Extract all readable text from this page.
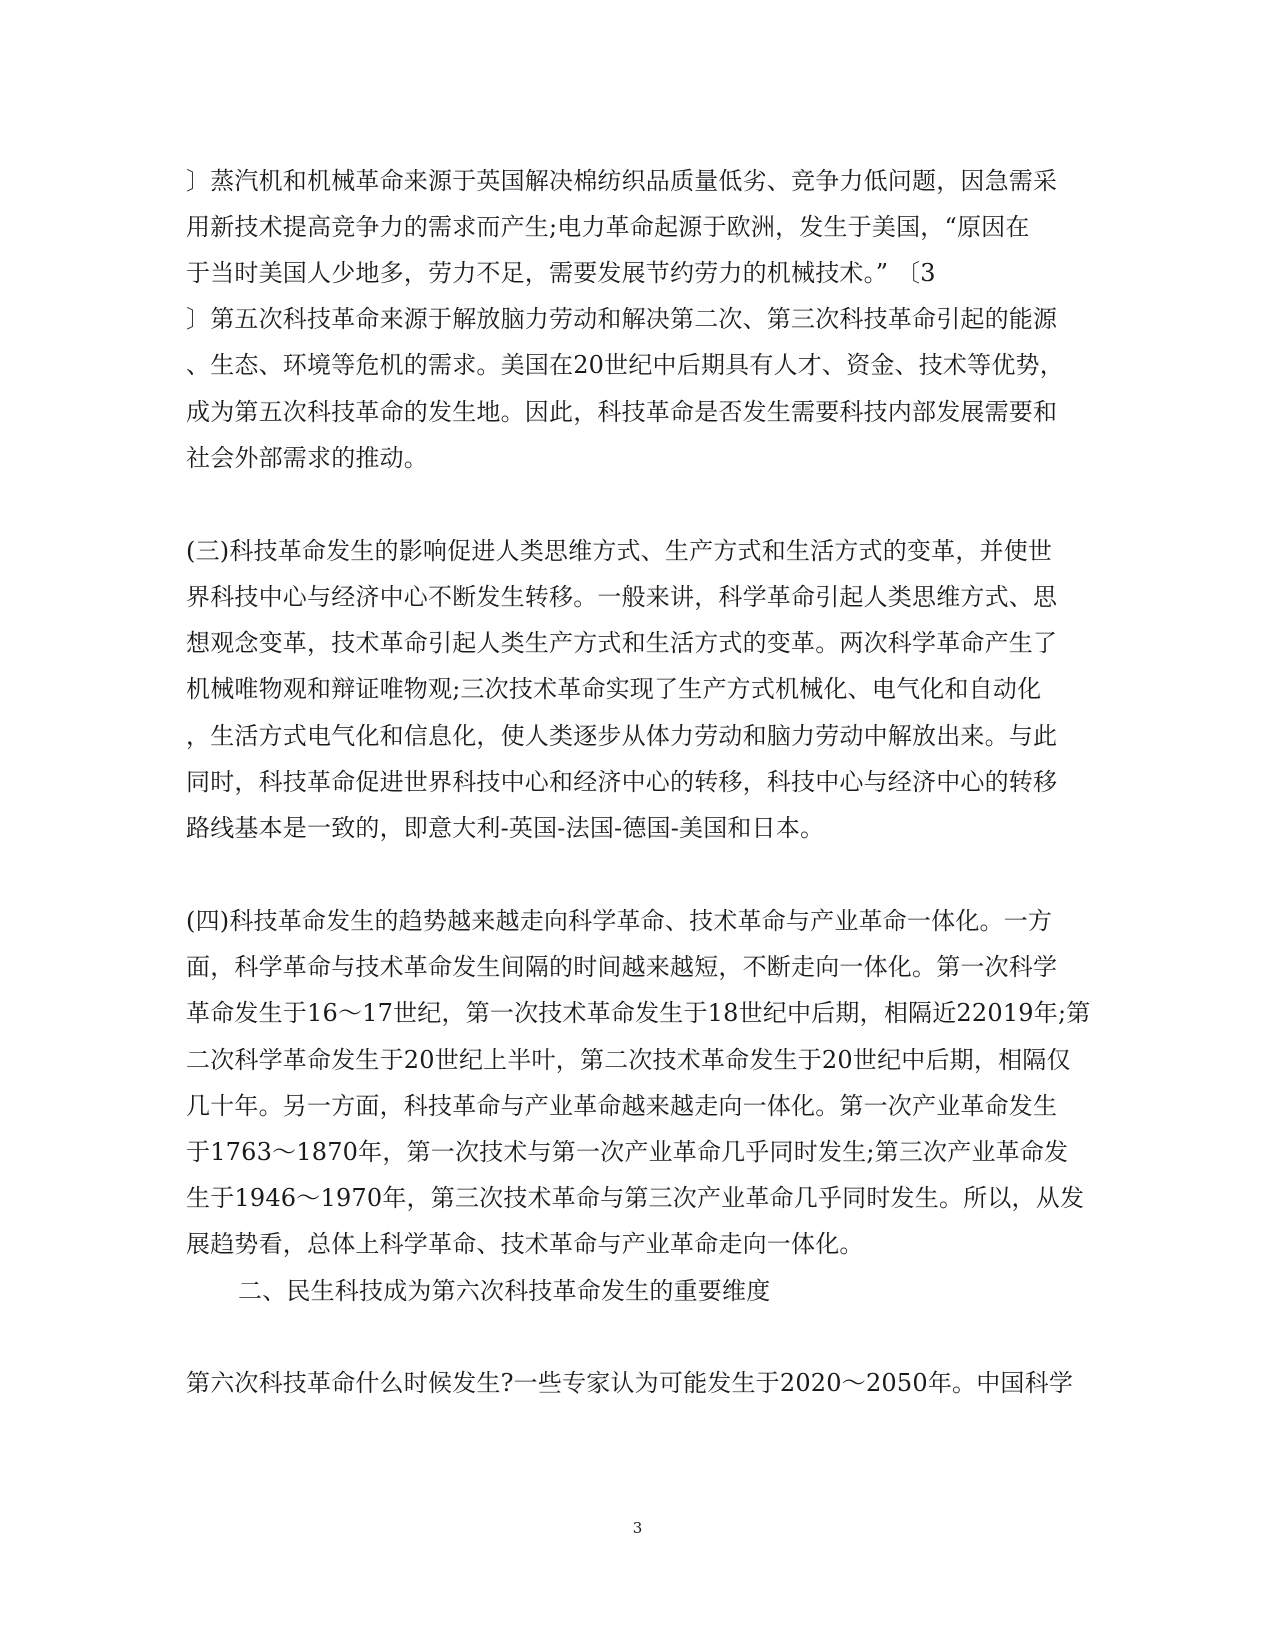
〕蒸汽机和机械革命来源于英国解决棉纺织品质量低劣、竞争力低问题，因急需采
用新技术提高竞争力的需求而产生;电力革命起源于欧洲，发生于美国，“原因在
于当时美国人少地多，劳力不足，需要发展节约劳力的机械技术。” 〔3
〕第五次科技革命来源于解放脑力劳动和解决第二次、第三次科技革命引起的能源
、生态、环境等危机的需求。美国在20世纪中后期具有人才、资金、技术等优势，
成为第五次科技革命的发生地。因此，科技革命是否发生需要科技内部发展需要和
社会外部需求的推动。
(三)科技革命发生的影响促进人类思维方式、生产方式和生活方式的变革，并使世
界科技中心与经济中心不断发生转移。一般来讲，科学革命引起人类思维方式、思
想观念变革，技术革命引起人类生产方式和生活方式的变革。两次科学革命产生了
机械唯物观和辩证唯物观;三次技术革命实现了生产方式机械化、电气化和自动化
，生活方式电气化和信息化，使人类逐步从体力劳动和脑力劳动中解放出来。与此
同时，科技革命促进世界科技中心和经济中心的转移，科技中心与经济中心的转移
路线基本是一致的，即意大利-英国-法国-德国-美国和日本。
(四)科技革命发生的趋势越来越走向科学革命、技术革命与产业革命一体化。一方
面，科学革命与技术革命发生间隔的时间越来越短，不断走向一体化。第一次科学
革命发生于16～17世纪，第一次技术革命发生于18世纪中后期，相隔近22019年;第
二次科学革命发生于20世纪上半叶，第二次技术革命发生于20世纪中后期，相隔仅
几十年。另一方面，科技革命与产业革命越来越走向一体化。第一次产业革命发生
于1763～1870年，第一次技术与第一次产业革命几乎同时发生;第三次产业革命发
生于1946～1970年，第三次技术革命与第三次产业革命几乎同时发生。所以，从发
展趋势看，总体上科学革命、技术革命与产业革命走向一体化。
二、民生科技成为第六次科技革命发生的重要维度
第六次科技革命什么时候发生?一些专家认为可能发生于2020～2050年。中国科学
3
